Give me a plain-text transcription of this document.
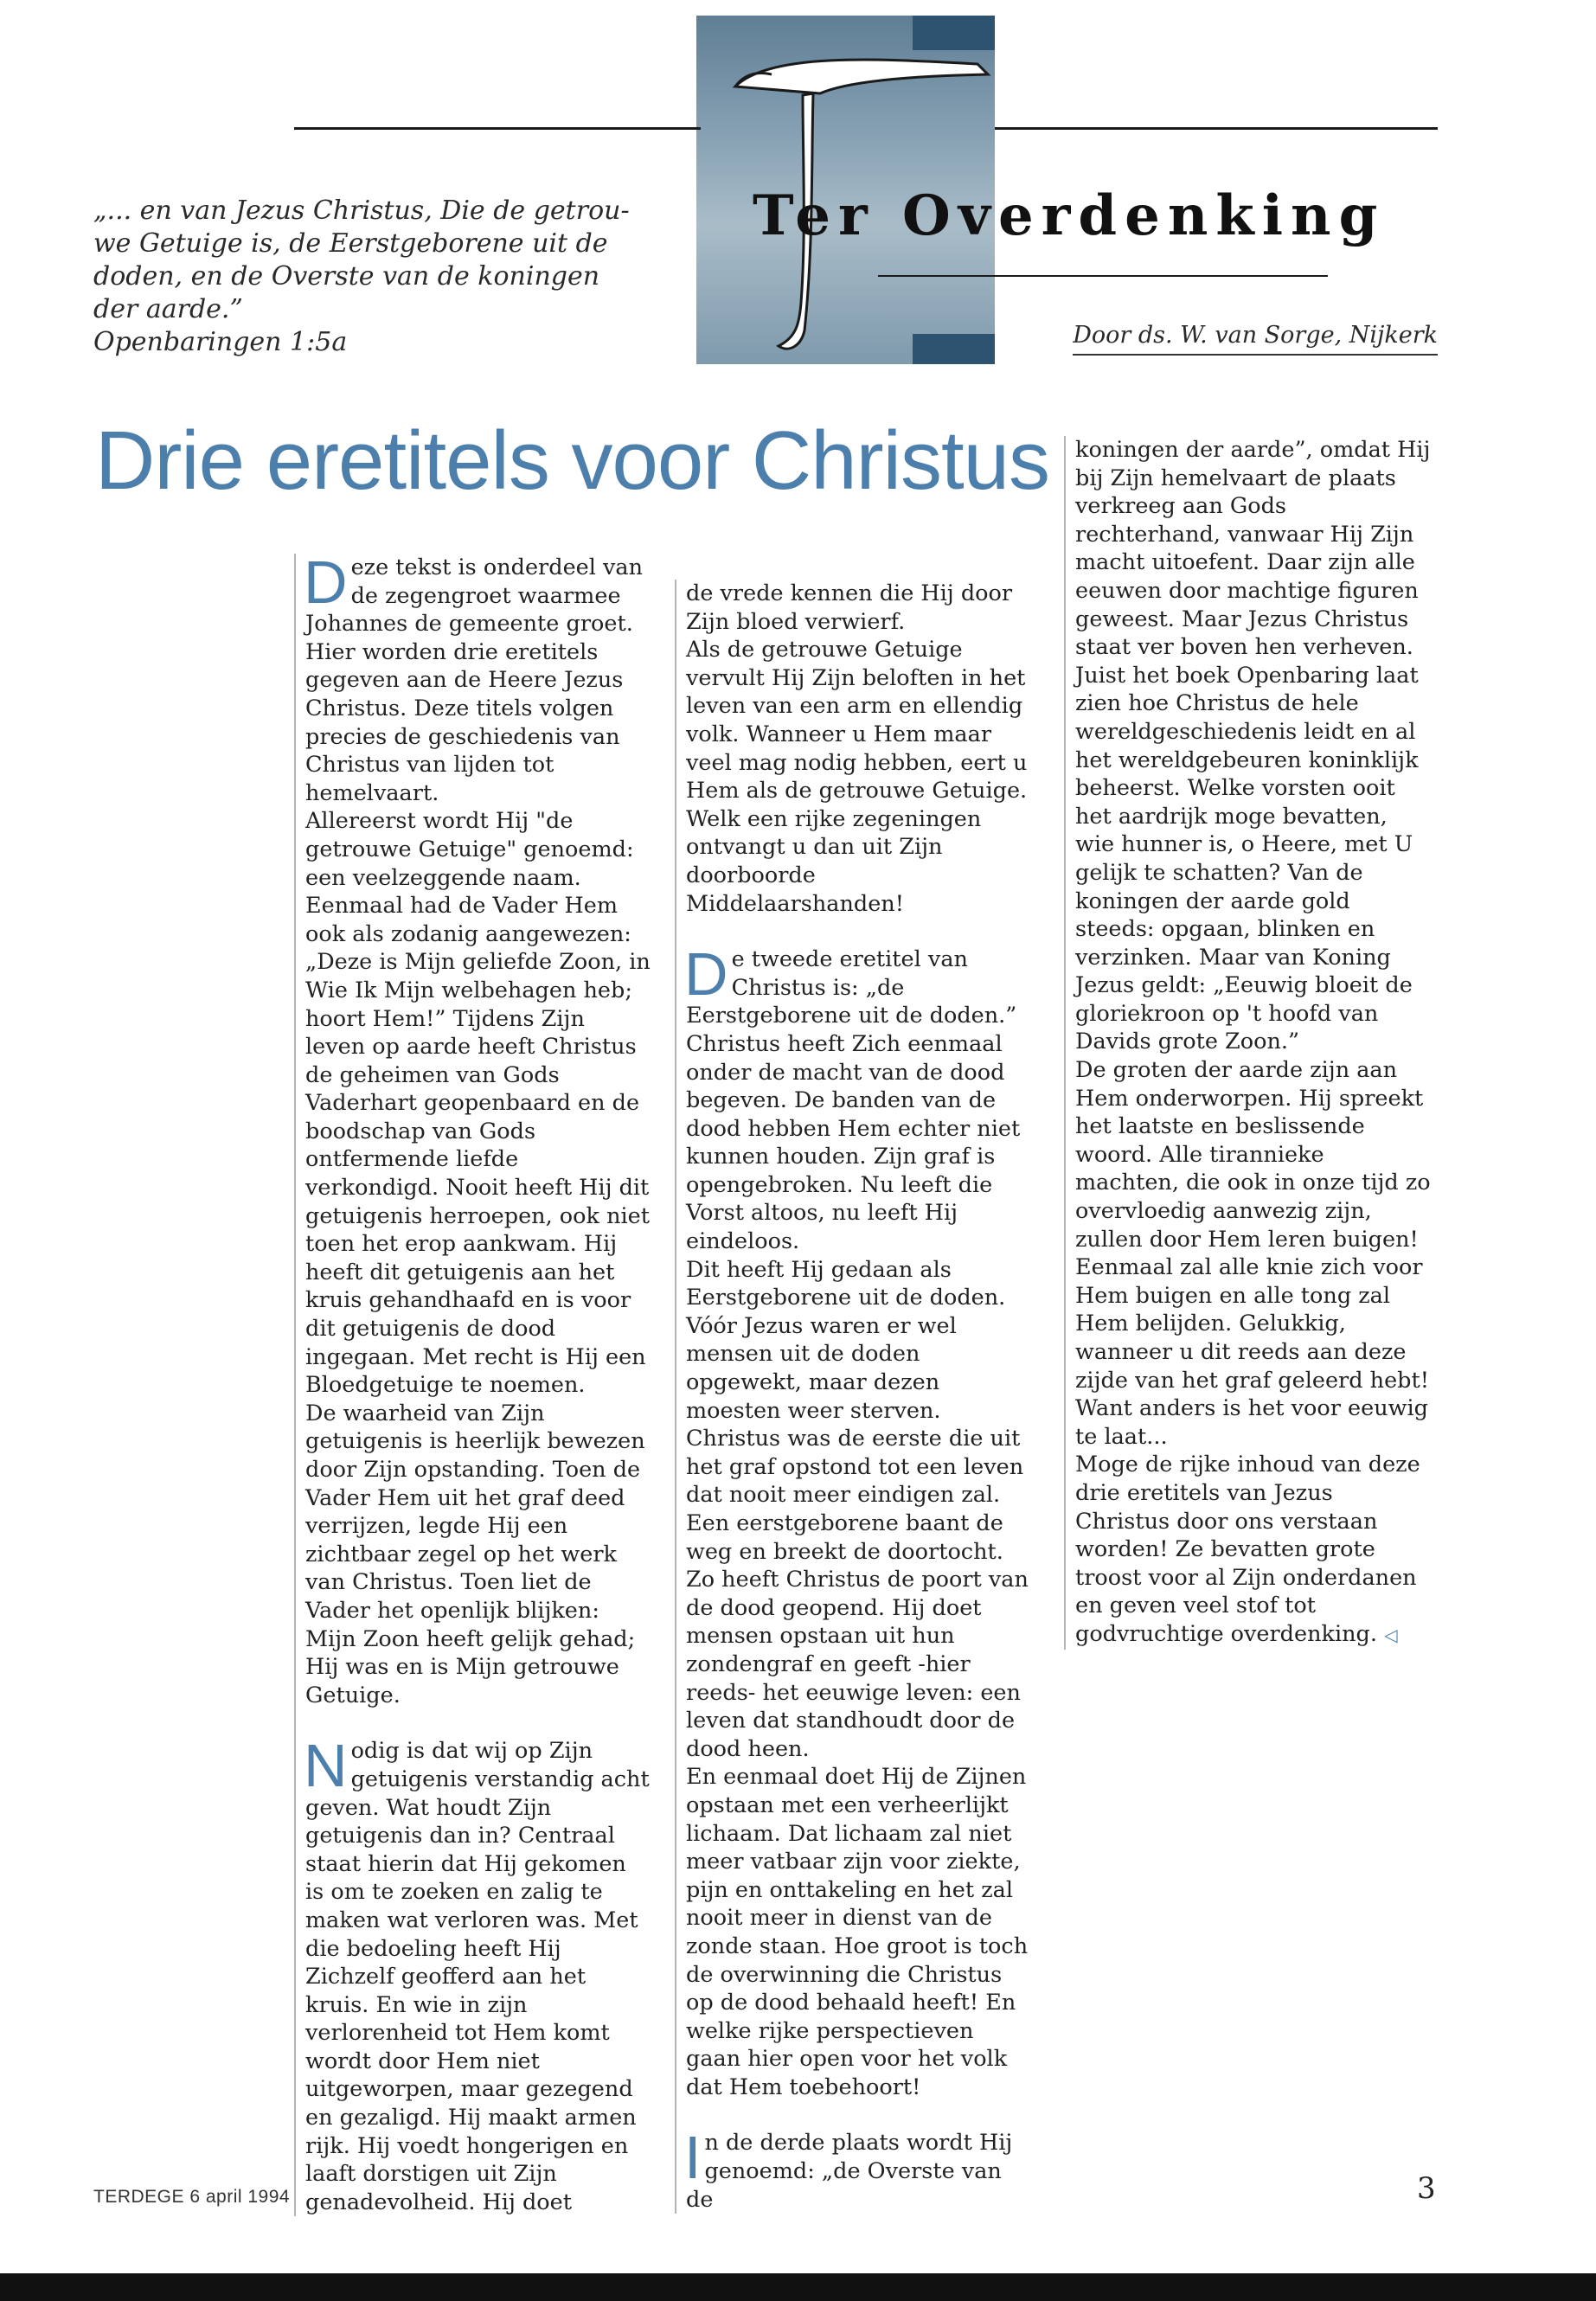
Ter Overdenking
„... en van Jezus Christus, Die de getrou-we Getuige is, de Eerstgeborene uit de doden, en de Overste van de koningen der aarde.”
Openbaringen 1:5a	Door ds. W. van Sorge, Nijkerk
Drie eretitels voor Christus

Deze tekst is onderdeel van de zegengroet waarmee Johannes de gemeente groet. Hier worden drie eretitels gegeven aan de Heere Jezus Christus. Deze titels volgen precies de geschiedenis van Christus van lijden tot hemelvaart.

Allereerst wordt Hij "de getrouwe Getuige" genoemd: een veelzeggende naam. Eenmaal had de Vader Hem ook als zodanig aangewezen: „Deze is Mijn geliefde Zoon, in Wie Ik Mijn welbehagen heb; hoort Hem!” Tijdens Zijn leven op aarde heeft Christus de geheimen van Gods Vaderhart geopenbaard en de boodschap van Gods ontfermende liefde verkondigd. Nooit heeft Hij dit getuigenis herroepen, ook niet toen het erop aankwam. Hij heeft dit getuigenis aan het kruis gehandhaafd en is voor dit getuigenis de dood ingegaan. Met recht is Hij een Bloedgetuige te noemen.

De waarheid van Zijn getuigenis is heerlijk bewezen door Zijn opstanding. Toen de Vader Hem uit het graf deed verrijzen, legde Hij een zichtbaar zegel op het werk van Christus. Toen liet de Vader het openlijk blijken: Mijn Zoon heeft gelijk gehad; Hij was en is Mijn getrouwe Getuige.

Nodig is dat wij op Zijn getuigenis verstandig acht geven. Wat houdt Zijn getuigenis dan in? Centraal staat hierin dat Hij gekomen is om te zoeken en zalig te maken wat verloren was. Met die bedoeling heeft Hij Zichzelf geofferd aan het kruis. En wie in zijn verlorenheid tot Hem komt wordt door Hem niet uitgeworpen, maar gezegend en gezaligd. Hij maakt armen rijk. Hij voedt hongerigen en laaft dorstigen uit Zijn genadevolheid. Hij doet

de vrede kennen die Hij door Zijn bloed verwierf.

Als de getrouwe Getuige vervult Hij Zijn beloften in het leven van een arm en ellendig volk. Wanneer u Hem maar veel mag nodig hebben, eert u Hem als de getrouwe Getuige. Welk een rijke zegeningen ontvangt u dan uit Zijn doorboorde Middelaarshanden!

De tweede eretitel van Christus is: „de Eerstgeborene uit de doden.” Christus heeft Zich eenmaal onder de macht van de dood begeven. De banden van de dood hebben Hem echter niet kunnen houden. Zijn graf is opengebroken. Nu leeft die Vorst altoos, nu leeft Hij eindeloos.

Dit heeft Hij gedaan als Eerstgeborene uit de doden. Vóór Jezus waren er wel mensen uit de doden opgewekt, maar dezen moesten weer sterven. Christus was de eerste die uit het graf opstond tot een leven dat nooit meer eindigen zal. Een eerstgeborene baant de weg en breekt de doortocht. Zo heeft Christus de poort van de dood geopend. Hij doet mensen opstaan uit hun zondengraf en geeft -hier reeds- het eeuwige leven: een leven dat standhoudt door de dood heen.

En eenmaal doet Hij de Zijnen opstaan met een verheerlijkt lichaam. Dat lichaam zal niet meer vatbaar zijn voor ziekte, pijn en onttakeling en het zal nooit meer in dienst van de zonde staan. Hoe groot is toch de overwinning die Christus op de dood behaald heeft! En welke rijke perspectieven gaan hier open voor het volk dat Hem toebehoort!

In de derde plaats wordt Hij genoemd: „de Overste van de

koningen der aarde”, omdat Hij bij Zijn hemelvaart de plaats verkreeg aan Gods rechterhand, vanwaar Hij Zijn macht uitoefent. Daar zijn alle eeuwen door machtige figuren geweest. Maar Jezus Christus staat ver boven hen verheven. Juist het boek Openbaring laat zien hoe Christus de hele wereldgeschiedenis leidt en al het wereldgebeuren koninklijk beheerst. Welke vorsten ooit het aardrijk moge bevatten, wie hunner is, o Heere, met U gelijk te schatten? Van de koningen der aarde gold steeds: opgaan, blinken en verzinken. Maar van Koning Jezus geldt: „Eeuwig bloeit de gloriekroon op 't hoofd van Davids grote Zoon.”

De groten der aarde zijn aan Hem onderworpen. Hij spreekt het laatste en beslissende woord. Alle tirannieke machten, die ook in onze tijd zo overvloedig aanwezig zijn, zullen door Hem leren buigen! Eenmaal zal alle knie zich voor Hem buigen en alle tong zal Hem belijden. Gelukkig, wanneer u dit reeds aan deze zijde van het graf geleerd hebt! Want anders is het voor eeuwig te laat...

Moge de rijke inhoud van deze drie eretitels van Jezus Christus door ons verstaan worden! Ze bevatten grote troost voor al Zijn onderdanen en geven veel stof tot godvruchtige overdenking. ◁

TERDEGE 6 april 1994	3
